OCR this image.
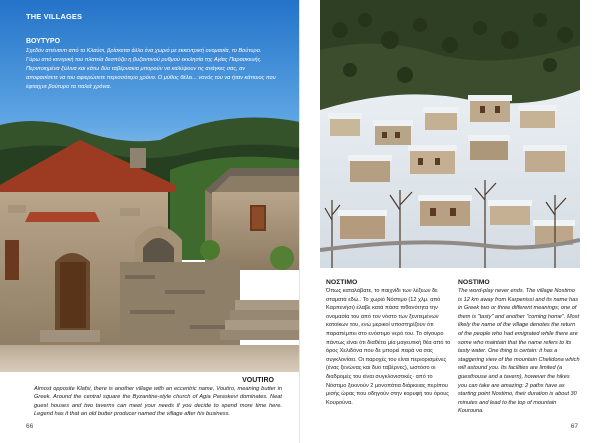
THE VILLAGES
ΒΟΥΤΥΡΟ
Σχεδόν απέναντι από το Κλαύσι, βρίσκεται άλλο ένα χωριό με εκκεντρική ονομασία, το Βούτυρο. Γύρω από κεντρική του πλατεία δεσπόζει η βυζαντινού ρυθμού εκκλησία της Αγίας Παρασκευής. Περιποιημένα ξύλινα και κάτω δύο ταβέρνακια μπορούν να καλύψουν τις ανάγκες σας, αν αποφασίσετε να του αφιερώσετε περισσότερο χρόνο. Ο μύθος θέλει... νονός του να ήταν κάποιος που έφτιαχνε βούτυρο τα παλιά χρόνια.
VOUTIRO
Almost opposite Klafsi, there is another village with an eccentric name, Voutiro, meaning butter in Greek. Around the central square the Byzantine-style church of Agia Paraskevi dominates. Neat guest houses and two taverns can meet your needs if you decide to spend more time here. Legend has it that an old butter producer named the village after his business.
66
ΝΟΣΤΙΜΟ
Όπως καταλάβατε, το παιχνίδι των λέξεων δε σταματά εδώ.. Το χωριό Νόστιμο (12 χλμ. από Καρπενήσι) έλαβε κατά πάσα πιθανότητα την ονομασία του από τον νόστο των ξενιτεμένων κατοίκων του, ενώ μερικοί υποστηρίζουν ότι παραπέμπει στο ενόστιμο νερό του. Το σίγουρο πάντως είναι ότι διαθέτει μία μαγευτική θέα από το όρος Χελιδόνα που δε μπορεί παρά να σας συγκλονίσει. Οι παροχές του είναι περιορισμένες (ένας ξενώνας και δυο ταβέρνες), ωστόσο οι διαδρομές του είναι συγκλονιστικές· από το Νόστιμο ξεκινούν 2 μονοπάτια διάρκειας περίπου μισής ώρας που οδηγούν στην κορυφή του όρους Κουρούνα.
NOSTIMO
The word-play never ends. The village Nostimo is 12 km away from Karpenissi and its name has in Greek two or three different meanings; one of them is "tasty" and another "coming home". Most likely the name of the village denotes the return of the people who had emigrated while there are some who maintain that the name refers to its tasty water. One thing is certain: it has a staggering view of the mountain Chelidona which will astound you. Its facilities are limited (a guesthouse and a tavern), however the hikes you can take are amazing: 2 paths have as starting point Nostimo, their duration is about 30 minutes and lead to the top of mountain Kourouna.
67
